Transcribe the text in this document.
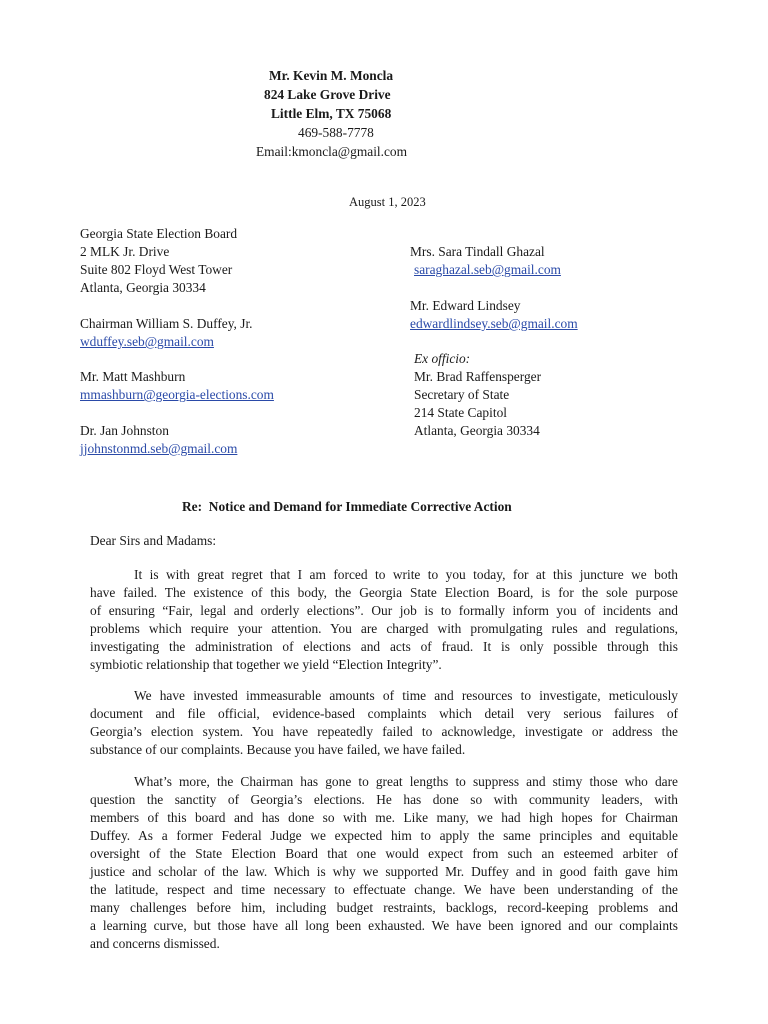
Mr. Kevin M. Moncla
824 Lake Grove Drive
Little Elm, TX 75068
469-588-7778
Email:kmoncla@gmail.com
August 1, 2023
Georgia State Election Board
2 MLK Jr. Drive
Suite 802 Floyd West Tower
Atlanta, Georgia 30334
Chairman William S. Duffey, Jr.
wduffey.seb@gmail.com
Mr. Matt Mashburn
mmashburn@georgia-elections.com
Dr. Jan Johnston
jjohnstonmd.seb@gmail.com
Mrs. Sara Tindall Ghazal
saraghazal.seb@gmail.com
Mr. Edward Lindsey
edwardlindsey.seb@gmail.com
Ex officio:
Mr. Brad Raffensperger
Secretary of State
214 State Capitol
Atlanta, Georgia 30334
Re:  Notice and Demand for Immediate Corrective Action
Dear Sirs and Madams:
It is with great regret that I am forced to write to you today, for at this juncture we both
have failed. The existence of this body, the Georgia State Election Board, is for the sole purpose
of ensuring “Fair, legal and orderly elections”. Our job is to formally inform you of incidents and
problems which require your attention. You are charged with promulgating rules and regulations,
investigating the administration of elections and acts of fraud. It is only possible through this
symbiotic relationship that together we yield “Election Integrity”.
We have invested immeasurable amounts of time and resources to investigate, meticulously
document and file official, evidence-based complaints which detail very serious failures of
Georgia’s election system. You have repeatedly failed to acknowledge, investigate or address the
substance of our complaints. Because you have failed, we have failed.
What’s more, the Chairman has gone to great lengths to suppress and stimy those who dare
question the sanctity of Georgia’s elections. He has done so with community leaders, with
members of this board and has done so with me. Like many, we had high hopes for Chairman
Duffey. As a former Federal Judge we expected him to apply the same principles and equitable
oversight of the State Election Board that one would expect from such an esteemed arbiter of
justice and scholar of the law. Which is why we supported Mr. Duffey and in good faith gave him
the latitude, respect and time necessary to effectuate change. We have been understanding of the
many challenges before him, including budget restraints, backlogs, record-keeping problems and
a learning curve, but those have all long been exhausted. We have been ignored and our complaints
and concerns dismissed.
